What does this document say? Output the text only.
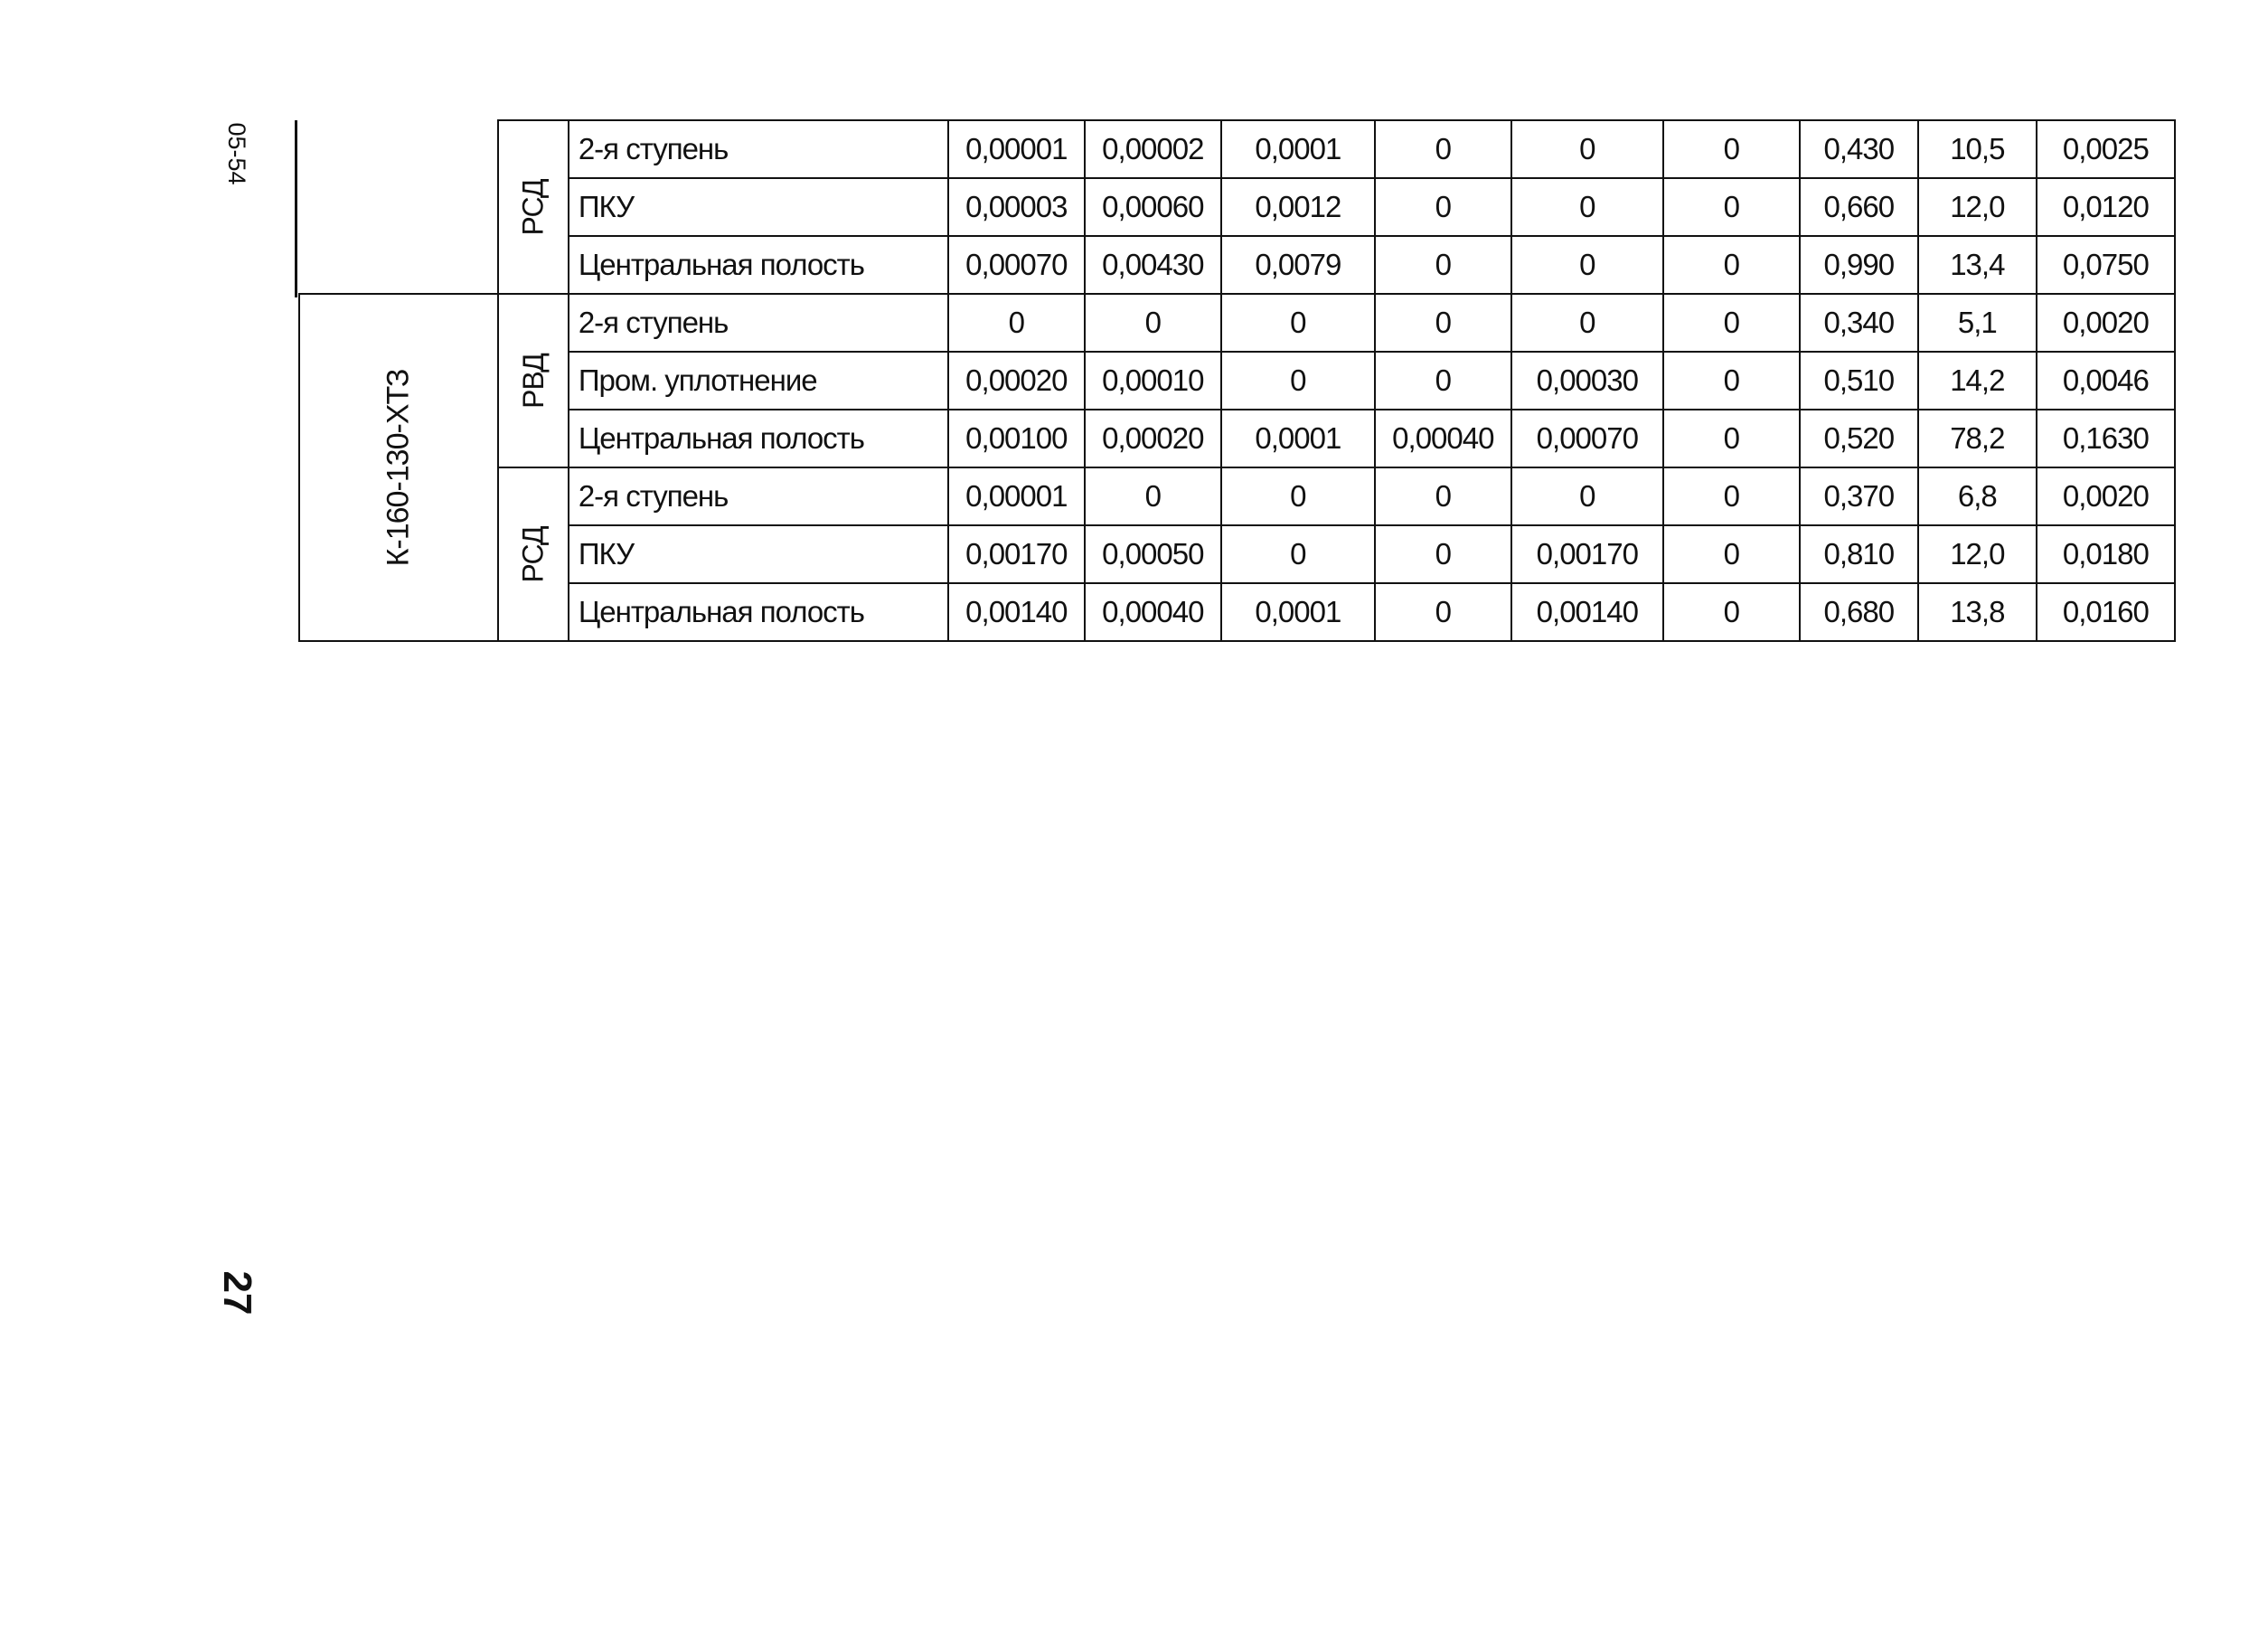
05-54
27
	РСД	2-я ступень	0,00001	0,00002	0,0001	0	0	0	0,430	10,5	0,0025
		ПКУ	0,00003	0,00060	0,0012	0	0	0	0,660	12,0	0,0120
		Центральная полость	0,00070	0,00430	0,0079	0	0	0	0,990	13,4	0,0750
К-160-130-ХТЗ	РВД	2-я ступень	0	0	0	0	0	0	0,340	5,1	0,0020
		Пром. уплотнение	0,00020	0,00010	0	0	0,00030	0	0,510	14,2	0,0046
		Центральная полость	0,00100	0,00020	0,0001	0,00040	0,00070	0	0,520	78,2	0,1630
	РСД	2-я ступень	0,00001	0	0	0	0	0	0,370	6,8	0,0020
		ПКУ	0,00170	0,00050	0	0	0,00170	0	0,810	12,0	0,0180
		Центральная полость	0,00140	0,00040	0,0001	0	0,00140	0	0,680	13,8	0,0160
